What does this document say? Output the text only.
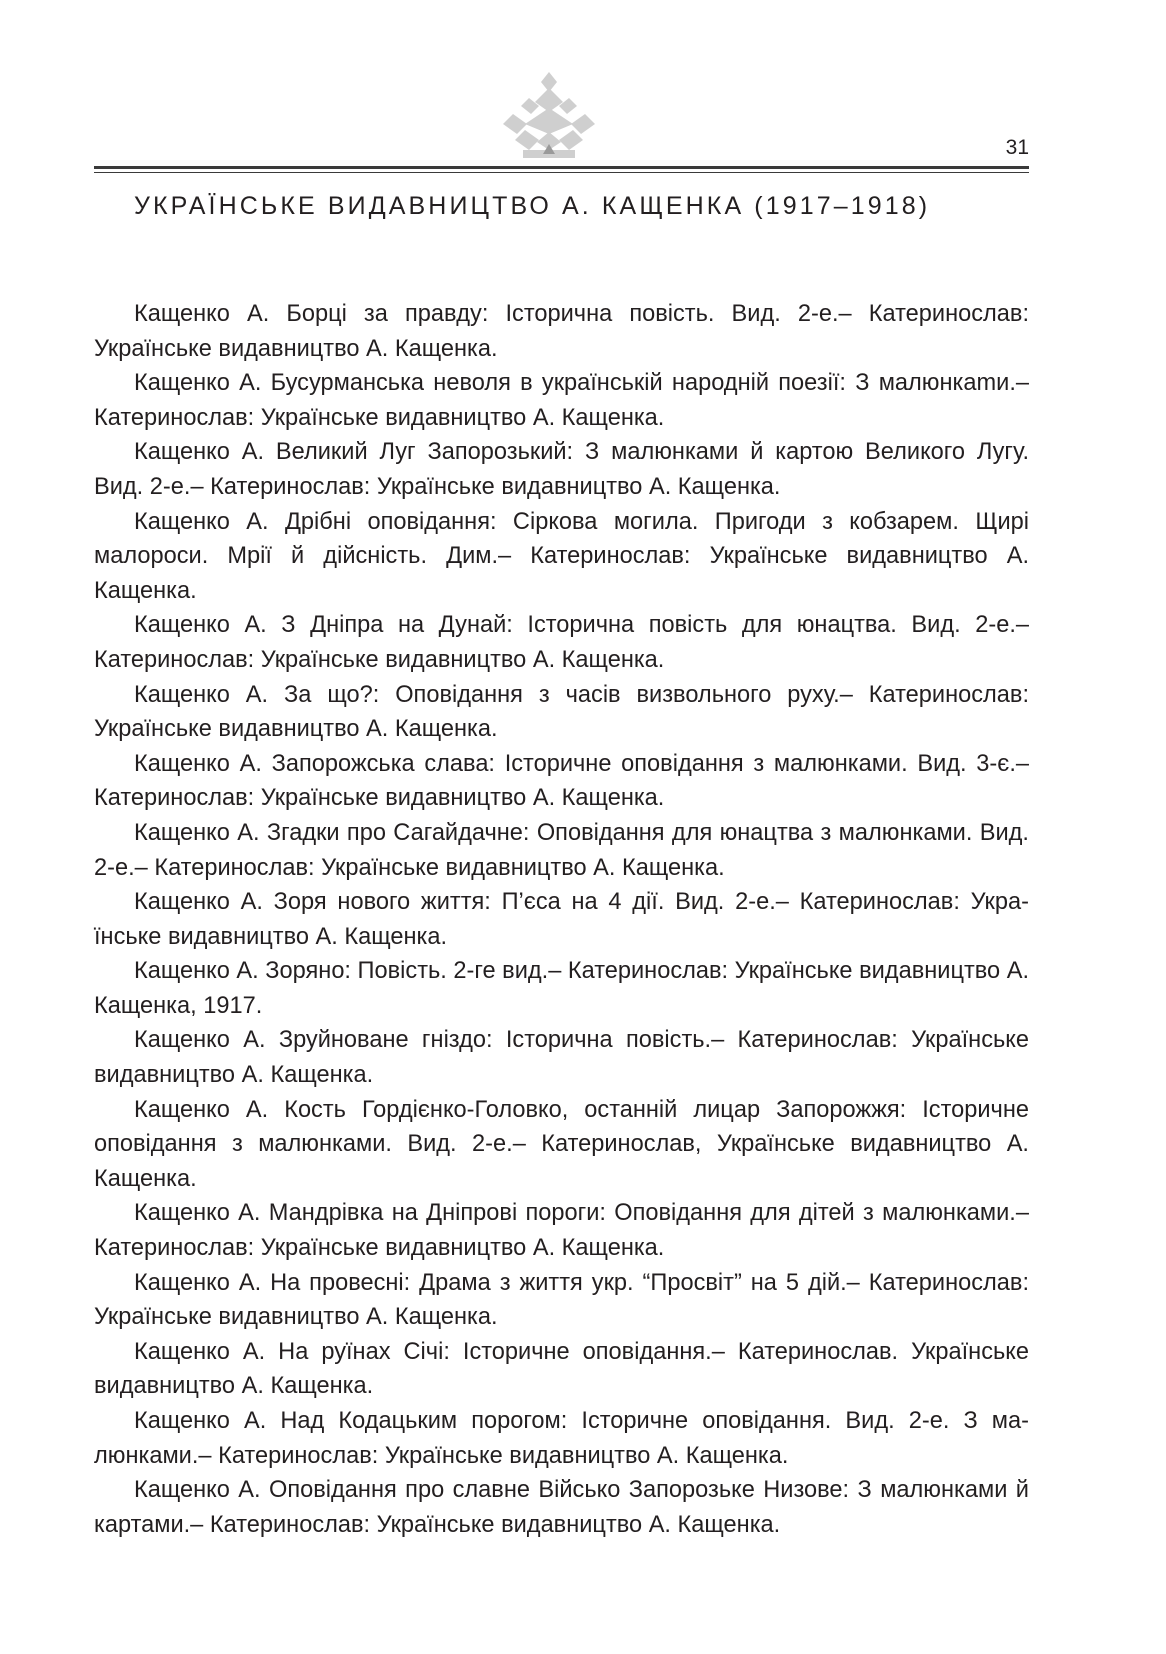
31
УКРАЇНСЬКЕ ВИДАВНИЦТВО А. КАЩЕНКА (1917–1918)

Кащенко А. Борці за правду: Історична повість. Вид. 2-е.– Катеринослав: Українське видавництво А. Кащенка.

Кащенко А. Бусурманська неволя в українській народній поезії: З малюнкаmи.– Катеринослав: Українське видавництво А. Кащенка.

Кащенко А. Великий Луг Запорозький: З малюнками й картою Великого Лугу. Вид. 2-е.– Катеринослав: Українське видавництво А. Кащенка.

Кащенко А. Дрібні оповідання: Сіркова могила. Пригоди з кобзарем. Щирі малороси. Мрії й дійсність. Дим.– Катеринослав: Українське видавництво А. Кащенка.

Кащенко А. З Дніпра на Дунай: Історична повість для юнацтва. Вид. 2-е.– Катеринослав: Українське видавництво А. Кащенка.

Кащенко А. За що?: Оповідання з часів визвольного руху.– Катеринослав: Українське видавництво А. Кащенка.

Кащенко А. Запорожська слава: Історичне оповідання з малюнками. Вид. 3-є.– Катеринослав: Українське видавництво А. Кащенка.

Кащенко А. Згадки про Сагайдачне: Оповідання для юнацтва з малюнками. Вид. 2-е.– Катеринослав: Українське видавництво А. Кащенка.

Кащенко А. Зоря нового життя: П’єса на 4 дії. Вид. 2-е.– Катеринослав: Українське видавництво А. Кащенка.

Кащенко А. Зоряно: Повість. 2-ге вид.– Катеринослав: Українське видавництво А. Кащенка, 1917.

Кащенко А. Зруйноване гніздо: Історична повість.– Катеринослав: Українське видавництво А. Кащенка.

Кащенко А. Кость Гордієнко-Головко, останній лицар Запорожжя: Історичне оповідання з малюнками. Вид. 2-е.– Катеринослав, Українське видавництво А. Кащенка.

Кащенко А. Мандрівка на Дніпрові пороги: Оповідання для дітей з малюнками.– Катеринослав: Українське видавництво А. Кащенка.

Кащенко А. На провесні: Драма з життя укр. “Просвіт” на 5 дій.– Катеринослав: Українське видавництво А. Кащенка.

Кащенко А. На руїнах Січі: Історичне оповідання.– Катеринослав. Українське видавництво А. Кащенка.

Кащенко А. Над Кодацьким порогом: Історичне оповідання. Вид. 2-е. З малюнками.– Катеринослав: Українське видавництво А. Кащенка.

Кащенко А. Оповідання про славне Військо Запорозьке Низове: З малюнками й картами.– Катеринослав: Українське видавництво А. Кащенка.
